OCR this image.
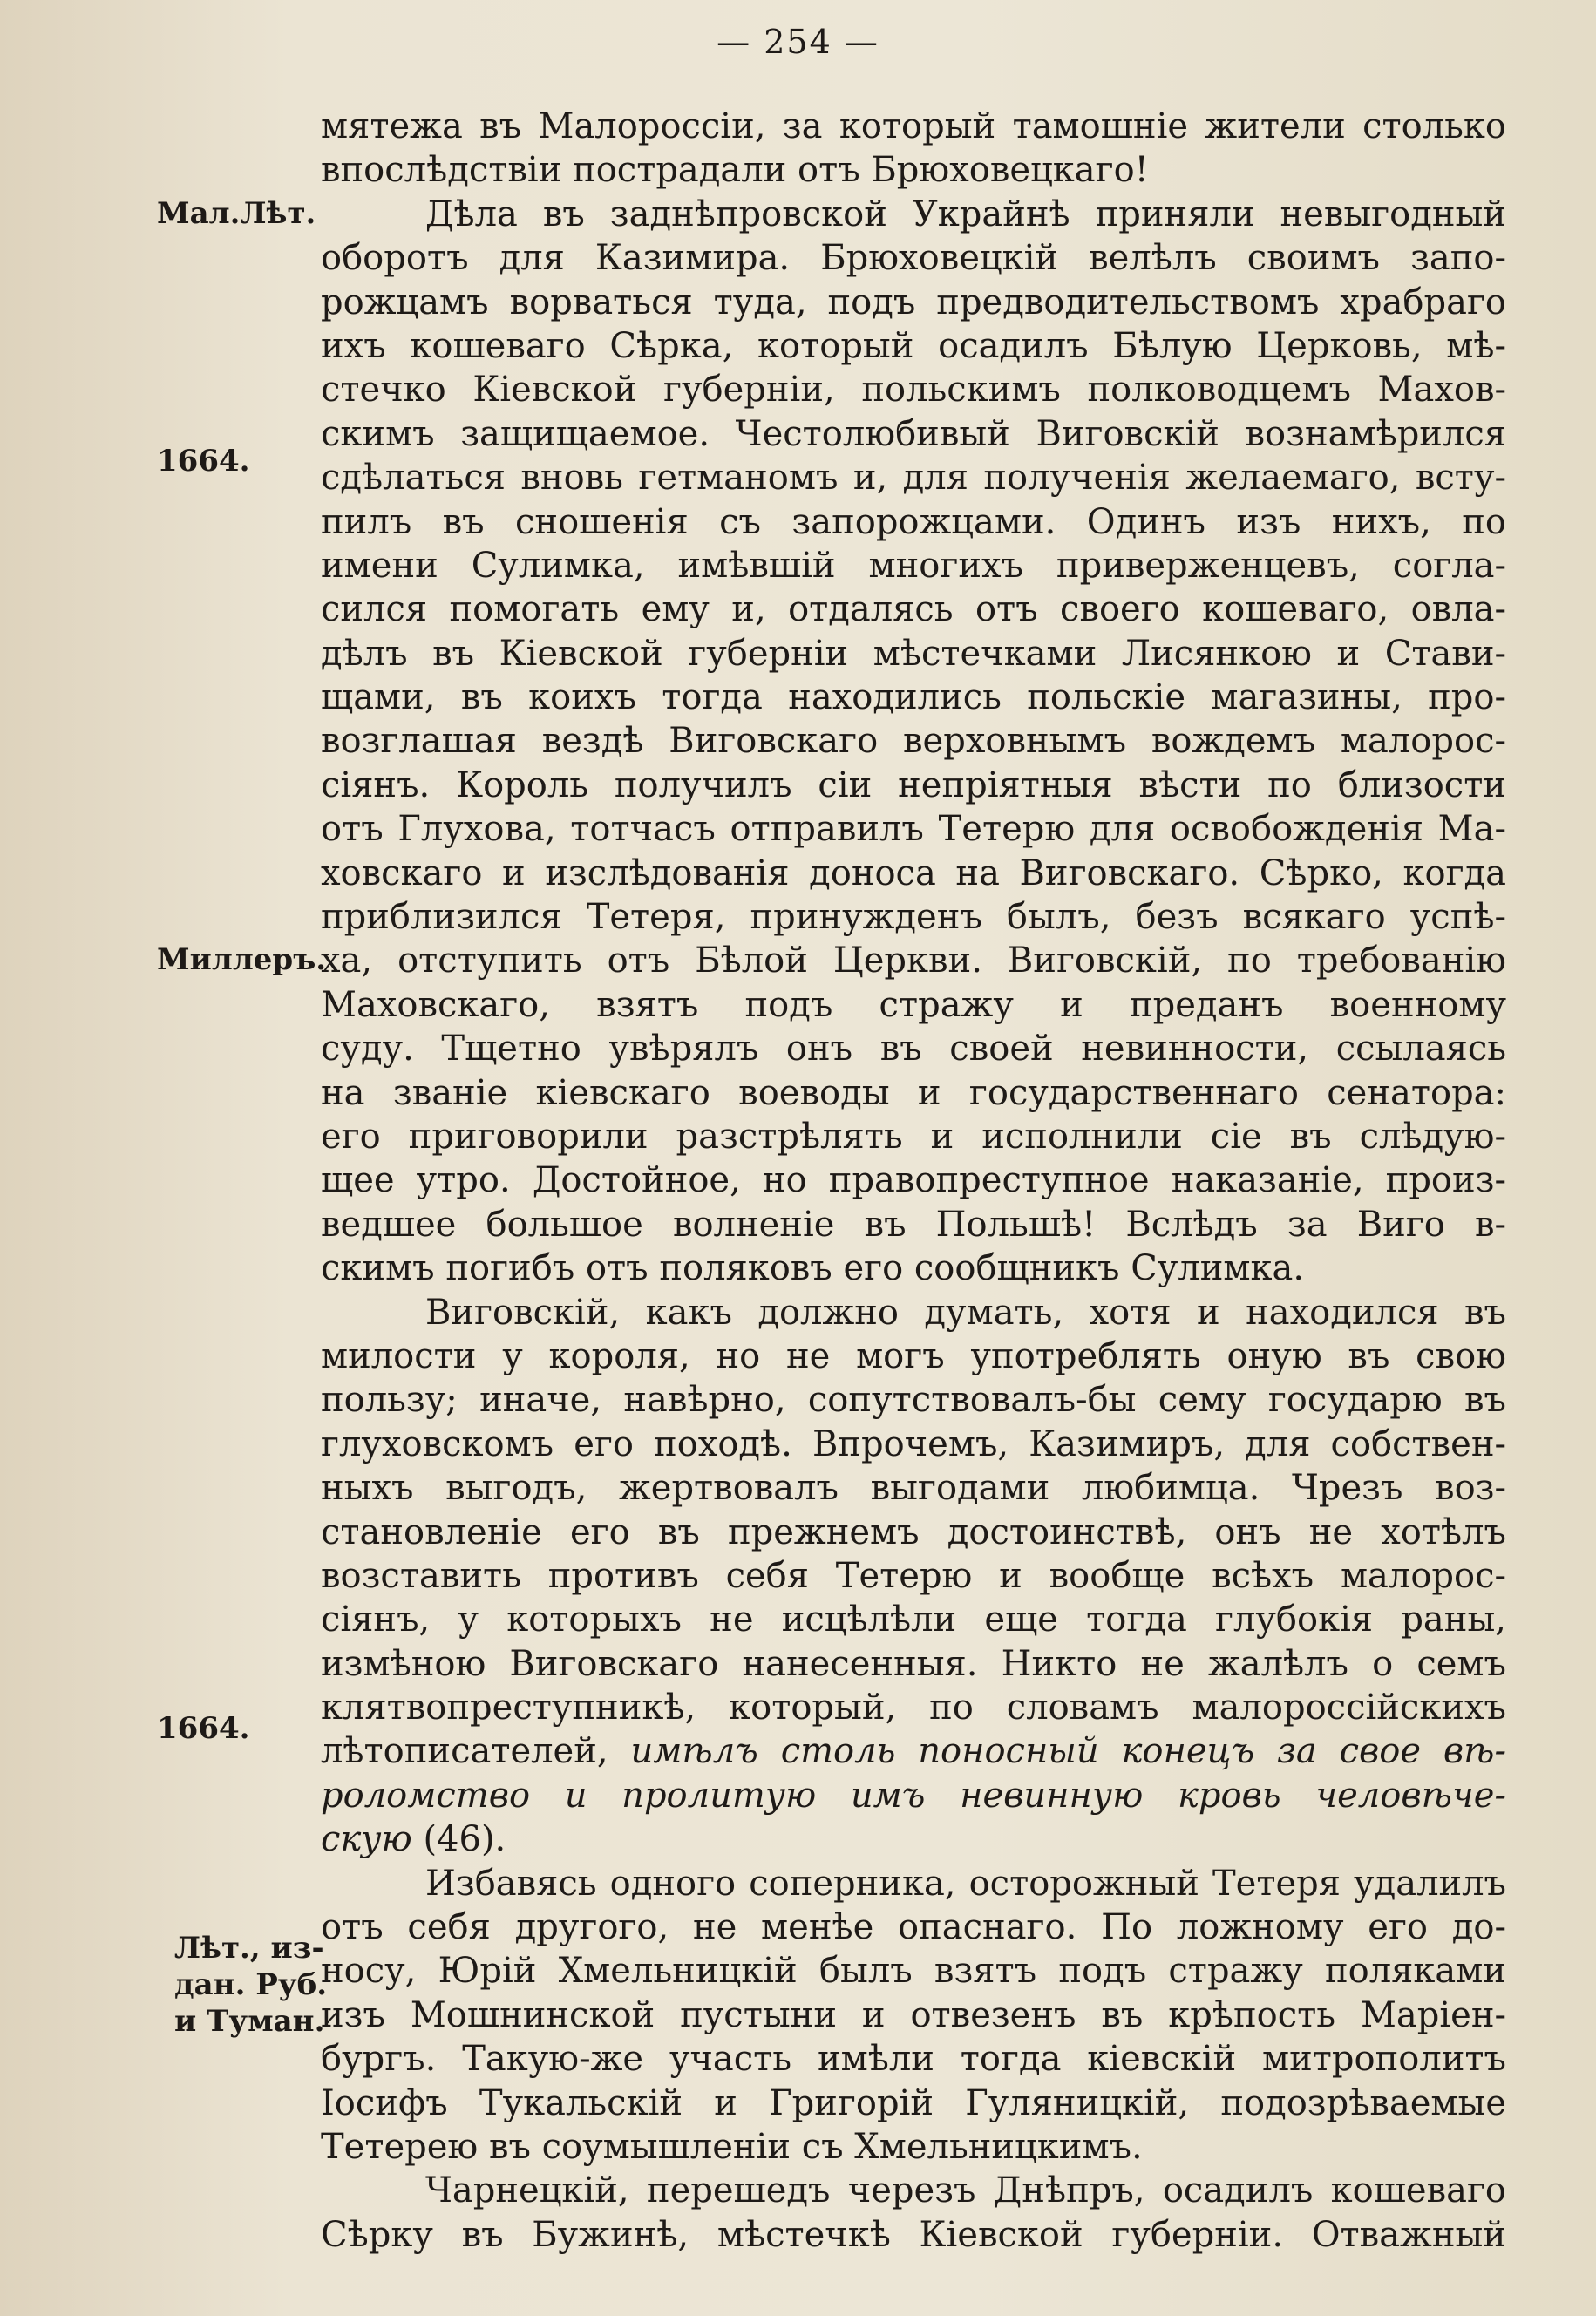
— 254 —
Мал.Лѣт.
1664.
Миллеръ.
1664.
Лѣт., из-
дан. Руб.
и Туман.
мятежа въ Малороссіи, за который тамошніе жители столько
впослѣдствіи пострадали отъ Брюховецкаго!
Дѣла въ заднѣпровской Украйнѣ приняли невыгодный
оборотъ для Казимира. Брюховецкій велѣлъ своимъ запо-
рожцамъ ворваться туда, подъ предводительствомъ храбраго
ихъ кошеваго Сѣрка, который осадилъ Бѣлую Церковь, мѣ-
стечко Кіевской губерніи, польскимъ полководцемъ Махов-
скимъ защищаемое. Честолюбивый Виговскій вознамѣрился
сдѣлаться вновь гетманомъ и, для полученія желаемаго, всту-
пилъ въ сношенія съ запорожцами. Одинъ изъ нихъ, по
имени Сулимка, имѣвшій многихъ приверженцевъ, согла-
сился помогать ему и, отдалясь отъ своего кошеваго, овла-
дѣлъ въ Кіевской губерніи мѣстечками Лисянкою и Стави-
щами, въ коихъ тогда находились польскіе магазины, про-
возглашая вездѣ Виговскаго верховнымъ вождемъ малорос-
сіянъ. Король получилъ сіи непріятныя вѣсти по близости
отъ Глухова, тотчасъ отправилъ Тетерю для освобожденія Ма-
ховскаго и изслѣдованія доноса на Виговскаго. Сѣрко, когда
приблизился Тетеря, принужденъ былъ, безъ всякаго успѣ-
ха, отступить отъ Бѣлой Церкви. Виговскій, по требованію
Маховскаго, взятъ подъ стражу и преданъ военному
суду. Тщетно увѣрялъ онъ въ своей невинности, ссылаясь
на званіе кіевскаго воеводы и государственнаго сенатора:
его приговорили разстрѣлять и исполнили сіе въ слѣдую-
щее утро. Достойное, но правопреступное наказаніе, произ-
ведшее большое волненіе въ Польшѣ! Вслѣдъ за Виго в-
скимъ погибъ отъ поляковъ его сообщникъ Сулимка.
Виговскій, какъ должно думать, хотя и находился въ
милости у короля, но не могъ употреблять оную въ свою
пользу; иначе, навѣрно, сопутствовалъ-бы сему государю въ
глуховскомъ его походѣ. Впрочемъ, Казимиръ, для собствен-
ныхъ выгодъ, жертвовалъ выгодами любимца. Чрезъ воз-
становленіе его въ прежнемъ достоинствѣ, онъ не хотѣлъ
возставить противъ себя Тетерю и вообще всѣхъ малорос-
сіянъ, у которыхъ не исцѣлѣли еще тогда глубокія раны,
измѣною Виговскаго нанесенныя. Никто не жалѣлъ о семъ
клятвопреступникѣ, который, по словамъ малороссійскихъ
лѣтописателей, имѣлъ столь поносный конецъ за свое вѣ-
роломство и пролитую имъ невинную кровь человѣче-
скую (46).
Избавясь одного соперника, осторожный Тетеря удалилъ
отъ себя другого, не менѣе опаснаго. По ложному его до-
носу, Юрій Хмельницкій былъ взятъ подъ стражу поляками
изъ Мошнинской пустыни и отвезенъ въ крѣпость Маріен-
бургъ. Такую-же участь имѣли тогда кіевскій митрополитъ
Іосифъ Тукальскій и Григорій Гуляницкій, подозрѣваемые
Тетерею въ соумышленіи съ Хмельницкимъ.
Чарнецкій, перешедъ черезъ Днѣпръ, осадилъ кошеваго
Сѣрку въ Бужинѣ, мѣстечкѣ Кіевской губерніи. Отважный
